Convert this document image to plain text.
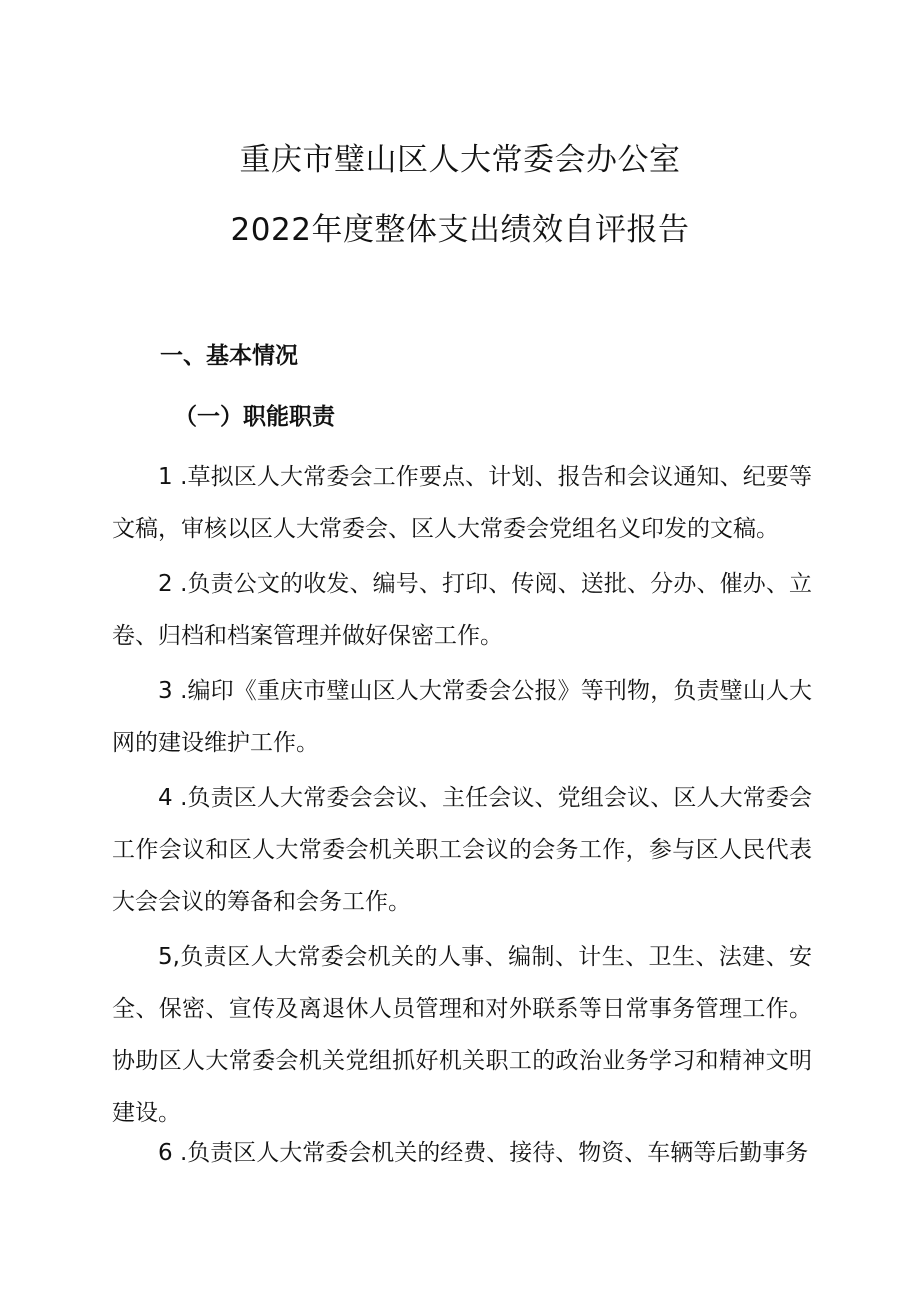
重庆市璧山区人大常委会办公室
2022年度整体支出绩效自评报告
一、基本情况
（一）职能职责

1 .草拟区人大常委会工作要点、计划、报告和会议通知、纪要等文稿，审核以区人大常委会、区人大常委会党组名义印发的文稿。

2 .负责公文的收发、编号、打印、传阅、送批、分办、催办、立卷、归档和档案管理并做好保密工作。

3 .编印《重庆市璧山区人大常委会公报》等刊物，负责璧山人大网的建设维护工作。

4 .负责区人大常委会会议、主任会议、党组会议、区人大常委会工作会议和区人大常委会机关职工会议的会务工作，参与区人民代表大会会议的筹备和会务工作。

5,负责区人大常委会机关的人事、编制、计生、卫生、法建、安全、保密、宣传及离退休人员管理和对外联系等日常事务管理工作。协助区人大常委会机关党组抓好机关职工的政治业务学习和精神文明建设。

6 .负责区人大常委会机关的经费、接待、物资、车辆等后勤事务
